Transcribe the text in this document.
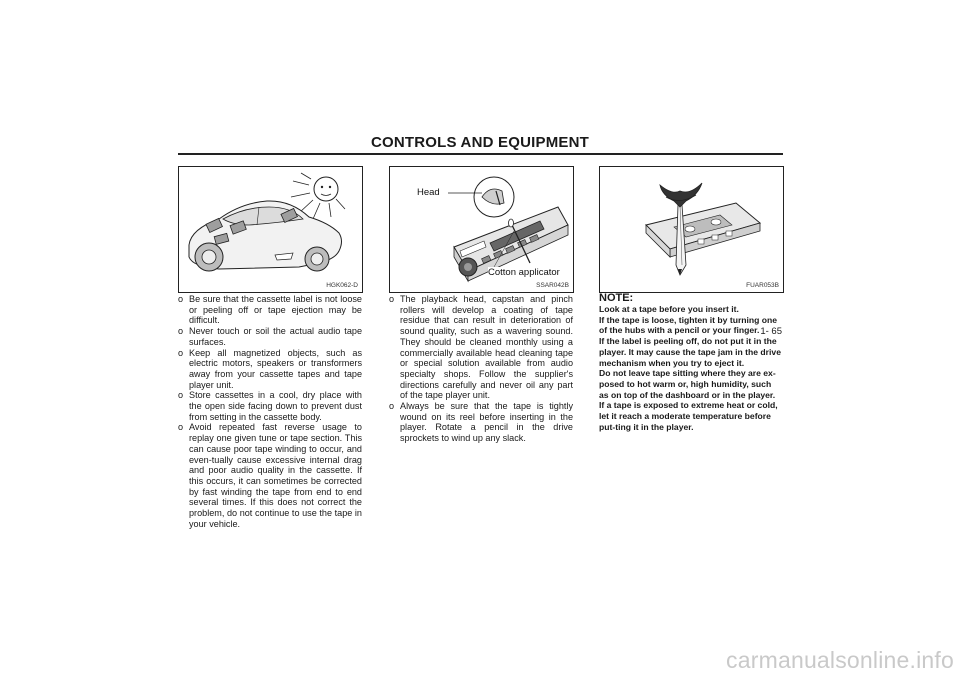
CONTROLS AND EQUIPMENT
HGK062-D
Head
Cotton applicator
SSAR042B	FUAR053B
o Be sure that the cassette label is not loose or peeling off or tape ejection may be difficult.
o Never touch or soil the actual audio tape surfaces.
o Keep all magnetized objects, such as electric motors, speakers or transformers away from your cassette tapes and tape player unit.
o Store cassettes in a cool, dry place with the open side facing down to prevent dust from setting in the cassette body.
o Avoid repeated fast reverse usage to replay one given tune or tape section. This can cause poor tape winding to occur, and even-tually cause excessive internal drag and poor audio quality in the cassette. If this occurs, it can sometimes be corrected by fast winding the tape from end to end several times. If this does not correct the problem, do not continue to use the tape in your vehicle.
o The playback head, capstan and pinch rollers will develop a coating of tape residue that can result in deterioration of sound quality, such as a wavering sound. They should be cleaned monthly using a commercially available head cleaning tape or special solution available from audio specialty shops. Follow the supplier's directions carefully and never oil any part of the tape player unit.
o Always be sure that the tape is tightly wound on its reel before inserting in the player. Rotate a pencil in the drive sprockets to wind up any slack.
NOTE:

Look at a tape before you insert it.

If the tape is loose, tighten it by turning one of the hubs with a pencil or your finger.

If the label is peeling off, do not put it in the player. It may cause the tape jam in the drive mechanism when you try to eject it.

Do not leave tape sitting where they are ex-posed to hot warm or, high humidity, such as on top of the dashboard or in the player.

If a tape is exposed to extreme heat or cold, let it reach a moderate temperature before put-ting it in the player.

1- 65
carmanualsonline.info
